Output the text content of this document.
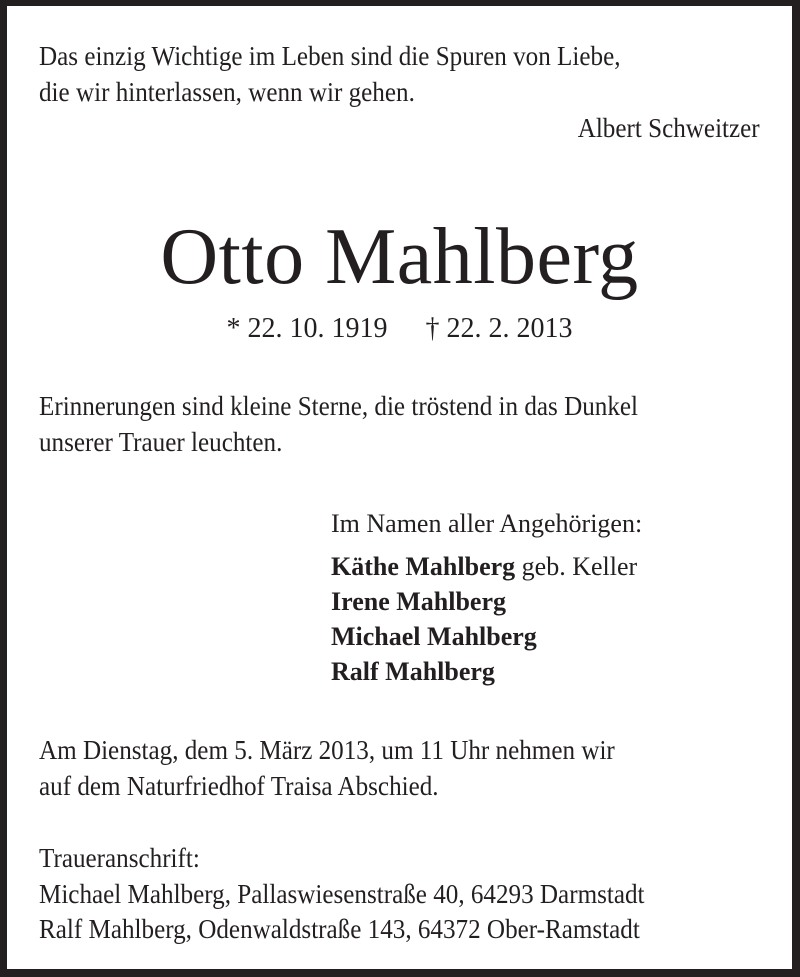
Das einzig Wichtige im Leben sind die Spuren von Liebe,
die wir hinterlassen, wenn wir gehen.
Albert Schweitzer
Otto Mahlberg
* 22. 10. 1919 † 22. 2. 2013
Erinnerungen sind kleine Sterne, die tröstend in das Dunkel
unserer Trauer leuchten.
Im Namen aller Angehörigen:
Käthe Mahlberg geb. Keller
Irene Mahlberg
Michael Mahlberg
Ralf Mahlberg
Am Dienstag, dem 5. März 2013, um 11 Uhr nehmen wir
auf dem Naturfriedhof Traisa Abschied.
Traueranschrift:
Michael Mahlberg, Pallaswiesenstraße 40, 64293 Darmstadt
Ralf Mahlberg, Odenwaldstraße 143, 64372 Ober-Ramstadt
